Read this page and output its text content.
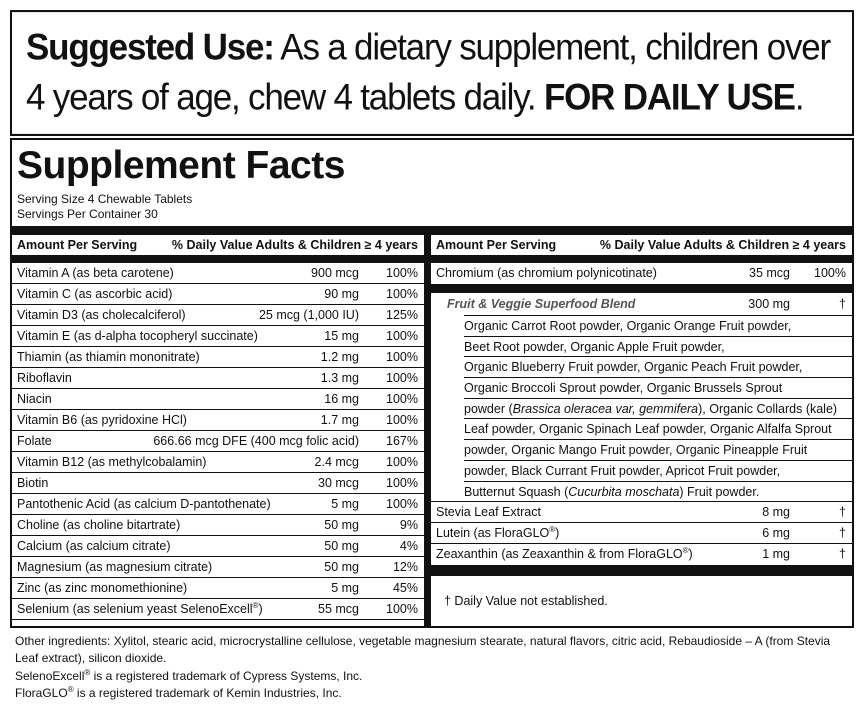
Suggested Use: As a dietary supplement, children over 4 years of age, chew 4 tablets daily. FOR DAILY USE.
Supplement Facts
Serving Size 4 Chewable Tablets
Servings Per Container 30
Amount Per Serving	% Daily Value Adults & Children ≥ 4 years
Vitamin A (as beta carotene)	900 mcg 100%
Vitamin C (as ascorbic acid)	90 mg 100%
Vitamin D3 (as cholecalciferol)	25 mcg (1,000 IU) 125%
Vitamin E (as d-alpha tocopheryl succinate)	15 mg 100%
Thiamin (as thiamin mononitrate)	1.2 mg 100%
Riboflavin	1.3 mg 100%
Niacin	16 mg 100%
Vitamin B6 (as pyridoxine HCl)	1.7 mg 100%
Folate	666.66 mcg DFE (400 mcg folic acid) 167%
Vitamin B12 (as methylcobalamin)	2.4 mcg 100%
Biotin	30 mcg 100%
Pantothenic Acid (as calcium D-pantothenate)	5 mg 100%
Choline (as choline bitartrate)	50 mg	9%
Calcium (as calcium citrate)	50 mg	4%
Magnesium (as magnesium citrate)	50 mg	12%
Zinc (as zinc monomethionine)	5 mg	45%
Selenium (as selenium yeast SelenoExcell®)	55 mcg 100%
Amount Per Serving	% Daily Value Adults & Children ≥ 4 years
Chromium (as chromium polynicotinate)	35 mcg 100%
Fruit & Veggie Superfood Blend	300 mg	†
Organic Carrot Root powder, Organic Orange Fruit powder,
Beet Root powder, Organic Apple Fruit powder,
Organic Blueberry Fruit powder, Organic Peach Fruit powder,
Organic Broccoli Sprout powder, Organic Brussels Sprout
powder (Brassica oleracea var, gemmifera), Organic Collards (kale)
Leaf powder, Organic Spinach Leaf powder, Organic Alfalfa Sprout
powder, Organic Mango Fruit powder, Organic Pineapple Fruit
powder, Black Currant Fruit powder, Apricot Fruit powder,
Butternut Squash (Cucurbita moschata) Fruit powder.
Stevia Leaf Extract	8 mg	†
Lutein (as FloraGLO®)	6 mg	†
Zeaxanthin (as Zeaxanthin & from FloraGLO®)	1 mg	†
† Daily Value not established.
Other ingredients: Xylitol, stearic acid, microcrystalline cellulose, vegetable magnesium stearate, natural flavors, citric acid, Rebaudioside – A (from Stevia Leaf extract), silicon dioxide.
SelenoExcell® is a registered trademark of Cypress Systems, Inc.
FloraGLO® is a registered trademark of Kemin Industries, Inc.
